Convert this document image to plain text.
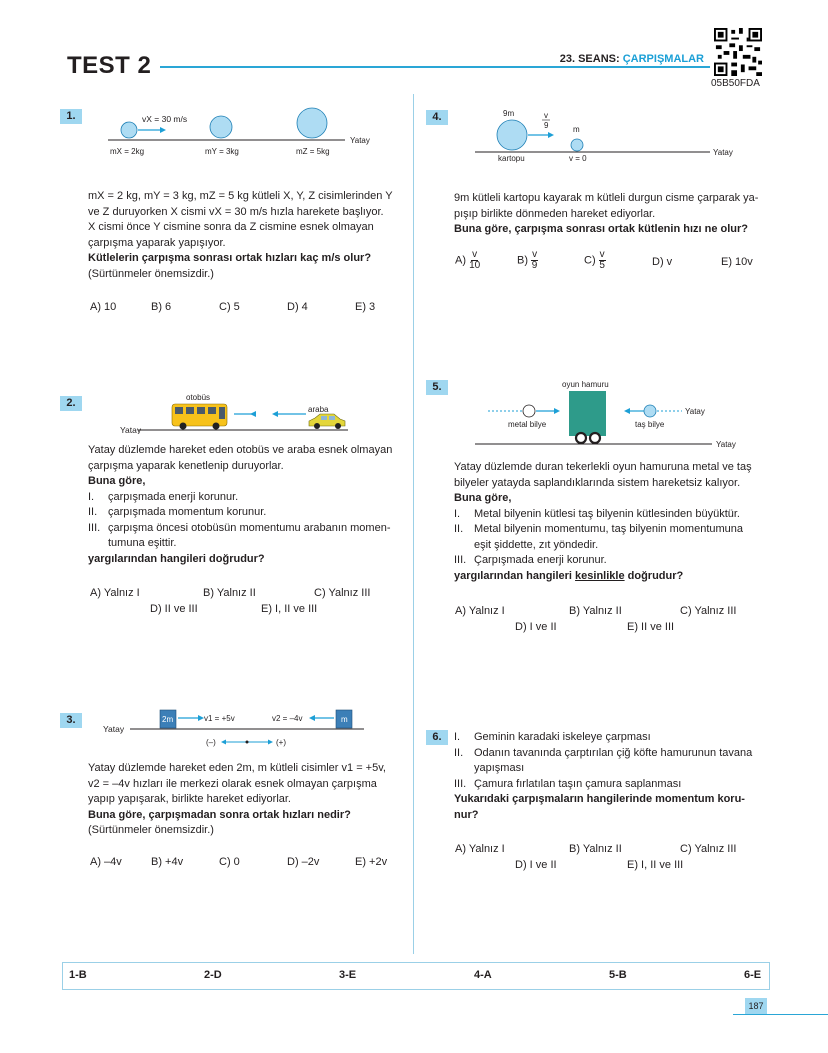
TEST 2	23. SEANS: ÇARPIŞMALAR
05B50FDA
1.	vX = 30 m/s
mX = 2kg	mY = 3kg	mZ = 5kg
Yatay
mX = 2 kg, mY = 3 kg, mZ = 5 kg kütleli X, Y, Z cisimlerinden Y
ve Z duruyorken X cismi vX = 30 m/s hızla harekete başlıyor.
X cismi önce Y cismine sonra da Z cismine esnek olmayan
çarpışma yaparak yapışıyor.
Kütlelerin çarpışma sonrası ortak hızları kaç m/s olur?
(Sürtünmeler önemsizdir.)
A) 10	B) 6	C) 5	D) 4	E) 3
2.
Yatay
otobüs
araba
Yatay düzlemde hareket eden otobüs ve araba esnek olmayan
çarpışma yaparak kenetlenip duruyorlar.
Buna göre,
I.	çarpışmada enerji korunur.
II. çarpışmada momentum korunur.
III. çarpışma öncesi otobüsün momentumu arabanın momen-
tumuna eşittir.
yargılarından hangileri doğrudur?
A) Yalnız I	B) Yalnız II	C) Yalnız III
D) II ve III	E) I, II ve III
3.
Yatay
2m	v1 = +5v	v2 = –4v	m
(–)	(+)
Yatay düzlemde hareket eden 2m, m kütleli cisimler v1 = +5v,
v2 = –4v hızları ile merkezi olarak esnek olmayan çarpışma
yapıp yapışarak, birlikte hareket ediyorlar.
Buna göre, çarpışmadan sonra ortak hızları nedir?
(Sürtünmeler önemsizdir.)
A) –4v	B) +4v	C) 0	D) –2v	E) +2v
4.
Yatay
9m	v
9	m
kartopu	v = 0
9m kütleli kartopu kayarak m kütleli durgun cisme çarparak ya-
pışıp birlikte dönmeden hareket ediyorlar.
Buna göre, çarpışma sonrası ortak kütlenin hızı ne olur?
$A) \frac{v}{10}$	$B) \frac{v}{9}$	$C) \frac{v}{5}$	D) v	E) 10v
5.	oyun hamuru
Yatay
metal bilye
Yatay
taş bilye
Yatay düzlemde duran tekerlekli oyun hamuruna metal ve taş
bilyeler yatayda saplandıklarında sistem hareketsiz kalıyor.
Buna göre,
I.	Metal bilyenin kütlesi taş bilyenin kütlesinden büyüktür.
II. Metal bilyenin momentumu, taş bilyenin momentumuna
eşit şiddette, zıt yöndedir.
III. Çarpışmada enerji korunur.
yargılarından hangileri kesinlikle doğrudur?
A) Yalnız I	B) Yalnız II	C) Yalnız III
D) I ve II	E) II ve III
6.	I.	Geminin karadaki iskeleye çarpması
II. Odanın tavanında çarptırılan çiğ köfte hamurunun tavana
yapışması
III. Çamura fırlatılan taşın çamura saplanması
Yukarıdaki çarpışmaların hangilerinde momentum koru-
nur?
A) Yalnız I	B) Yalnız II	C) Yalnız III
D) I ve II	E) I, II ve III
1-B	2-D	3-E	4-A	5-B	6-E
187
